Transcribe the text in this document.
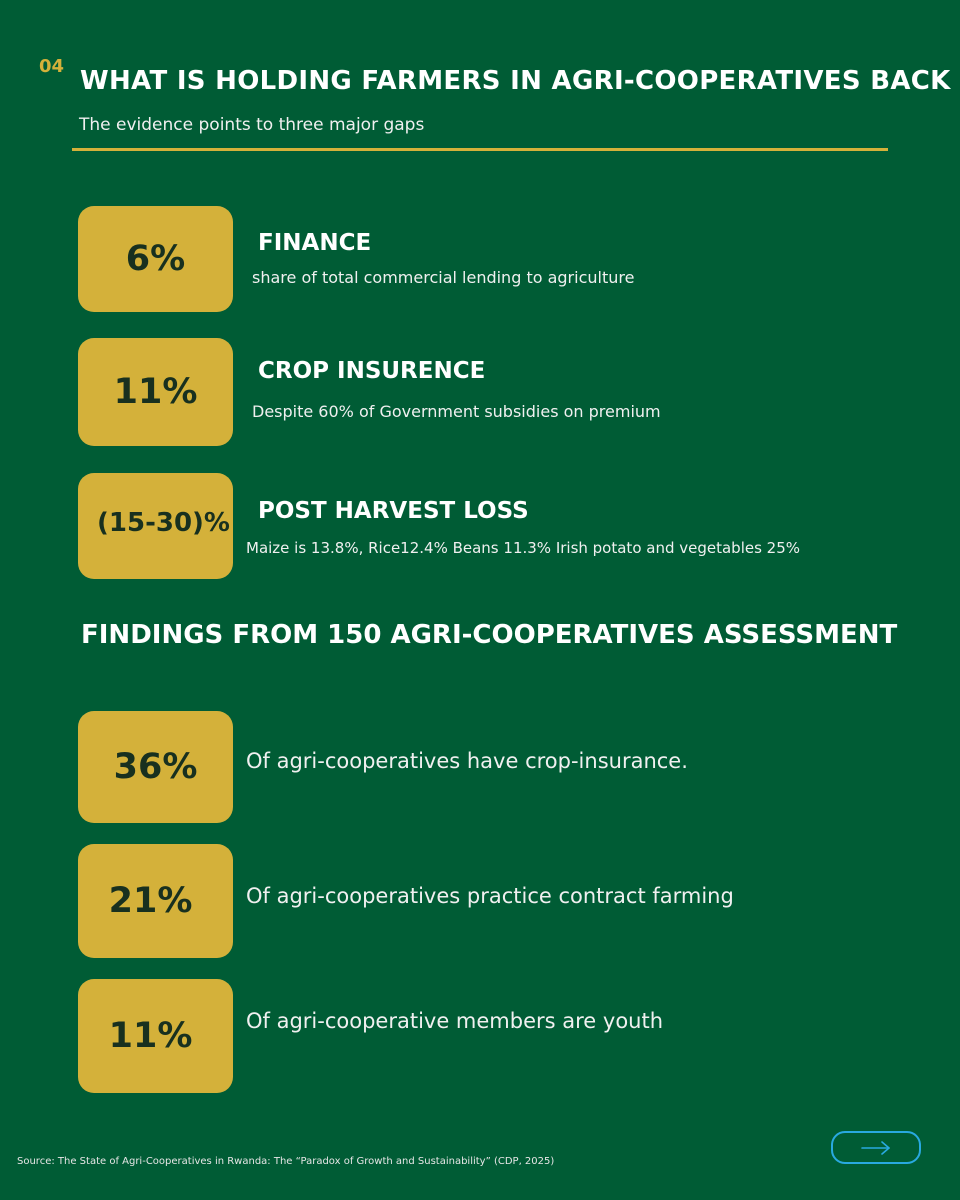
04 WHAT IS HOLDING FARMERS IN AGRI-COOPERATIVES BACK
The evidence points to three major gaps
6%	FINANCE
share of total commercial lending to agriculture
11%
CROP INSURENCE
Despite 60% of Government subsidies on premium
(15-30)% POST HARVEST LOSS
Maize is 13.8%, Rice12.4% Beans 11.3% Irish potato and vegetables 25%
FINDINGS FROM 150 AGRI-COOPERATIVES ASSESSMENT
36% Of agri-cooperatives have crop-insurance.
21%	Of agri-cooperatives practice contract farming
11%	Of agri-cooperative members are youth
Source: The State of Agri-Cooperatives in Rwanda: The “Paradox of Growth and Sustainability” (CDP, 2025)
